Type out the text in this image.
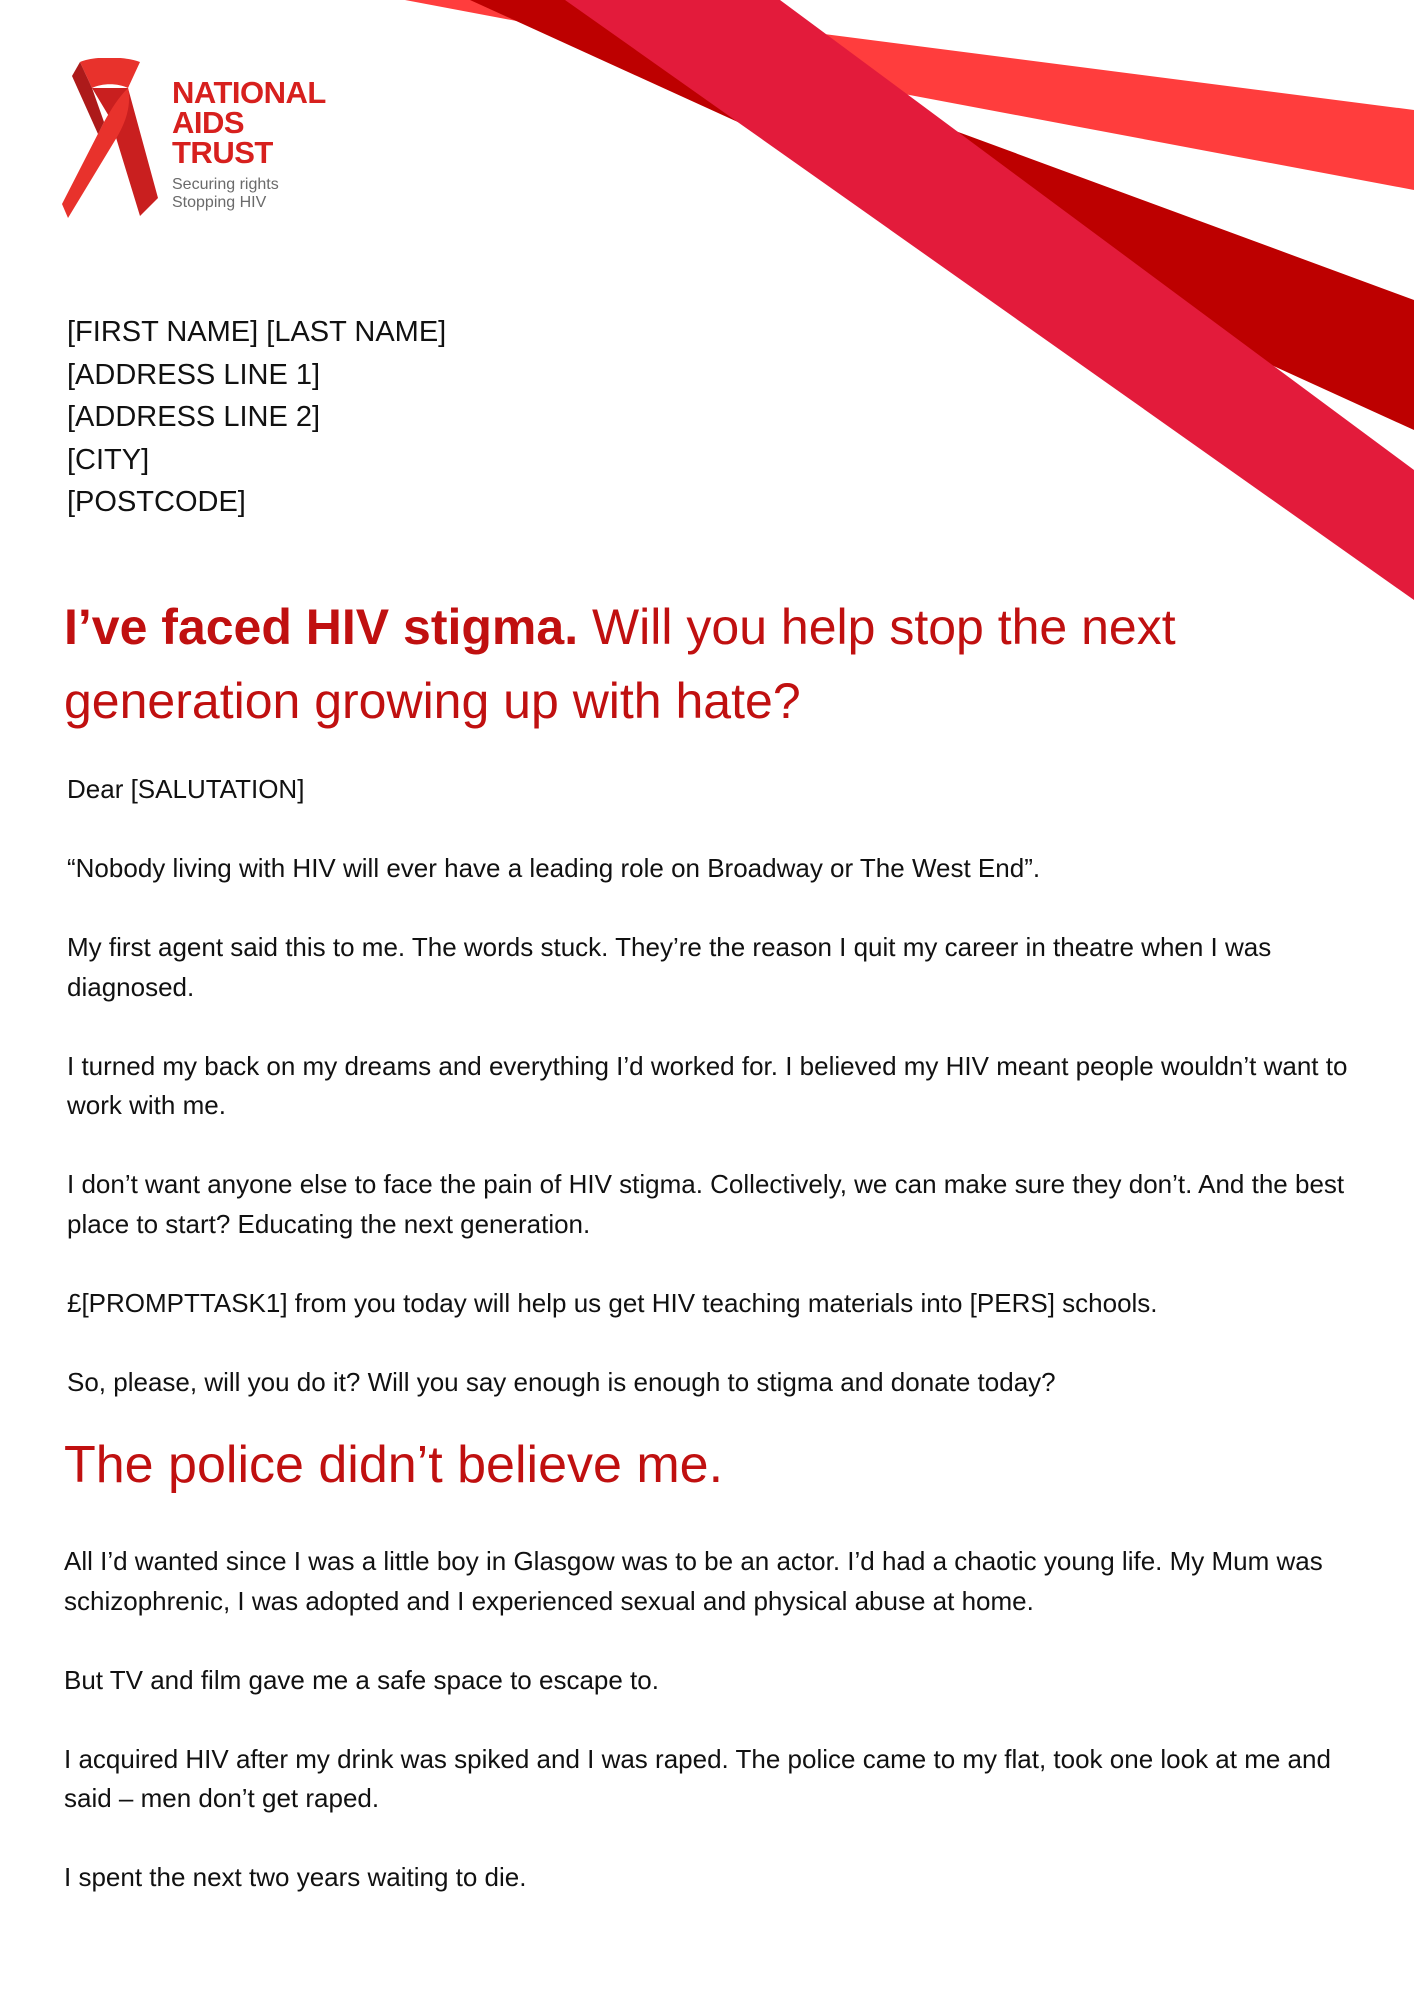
NATIONAL
AIDS
TRUST
Securing rights
Stopping HIV
[FIRST NAME] [LAST NAME]
[ADDRESS LINE 1]
[ADDRESS LINE 2]
[CITY]
[POSTCODE]
I’ve faced HIV stigma. Will you help stop the next generation growing up with hate?

Dear [SALUTATION]

“Nobody living with HIV will ever have a leading role on Broadway or The West End”.

My first agent said this to me. The words stuck. They’re the reason I quit my career in theatre when I was diagnosed.

I turned my back on my dreams and everything I’d worked for. I believed my HIV meant people wouldn’t want to work with me.

I don’t want anyone else to face the pain of HIV stigma. Collectively, we can make sure they don’t. And the best place to start? Educating the next generation.

£[PROMPTTASK1] from you today will help us get HIV teaching materials into [PERS] schools.

So, please, will you do it? Will you say enough is enough to stigma and donate today?

The police didn’t believe me.

All I’d wanted since I was a little boy in Glasgow was to be an actor. I’d had a chaotic young life. My Mum was schizophrenic, I was adopted and I experienced sexual and physical abuse at home.

But TV and film gave me a safe space to escape to.

I acquired HIV after my drink was spiked and I was raped. The police came to my flat, took one look at me and said – men don’t get raped.

I spent the next two years waiting to die.
